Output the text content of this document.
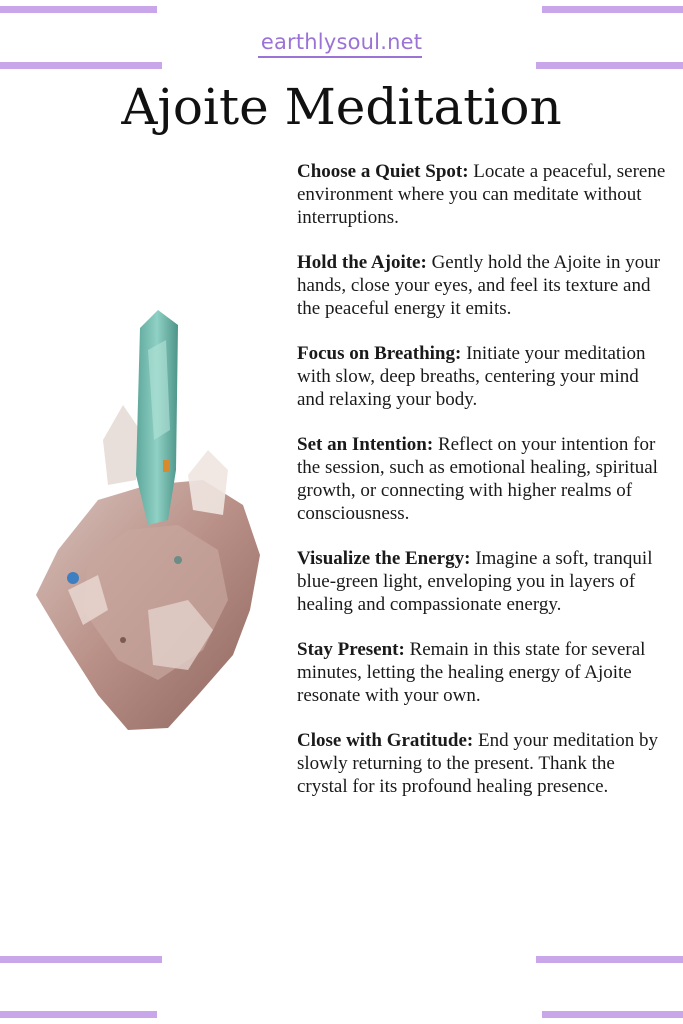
earthlysoul.net
Ajoite Meditation

Choose a Quiet Spot: Locate a peaceful, serene environment where you can meditate without interruptions.

Hold the Ajoite: Gently hold the Ajoite in your hands, close your eyes, and feel its texture and the peaceful energy it emits.

Focus on Breathing: Initiate your meditation with slow, deep breaths, centering your mind and relaxing your body.

Set an Intention: Reflect on your intention for the session, such as emotional healing, spiritual growth, or connecting with higher realms of consciousness.

Visualize the Energy: Imagine a soft, tranquil blue-green light, enveloping you in layers of healing and compassionate energy.

Stay Present: Remain in this state for several minutes, letting the healing energy of Ajoite resonate with your own.

Close with Gratitude: End your meditation by slowly returning to the present. Thank the crystal for its profound healing presence.
